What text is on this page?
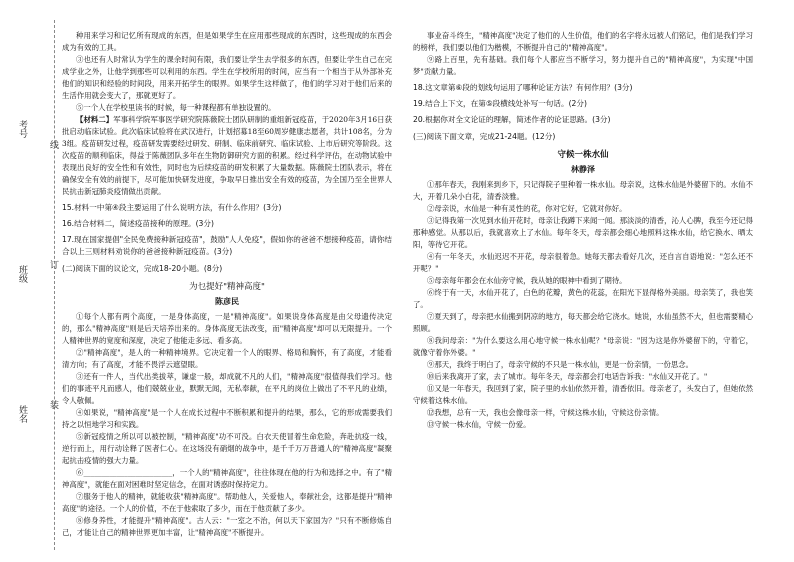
考号
班级
姓名
线
订
装

种用来学习和记忆所有现成的东西，但是如果学生在应用那些现成的东西时，这些现成的东西会成为有效的工具。

③也还有人时常认为学生的课余时间有限，我们要让学生去学很多的东西，但要让学生自己在完成学业之外，让他学到那些可以利用的东西。学生在学校所用的时间，应当有一个相当于从外部补充他们的知识和经验的时间段，用来开拓学生的眼界。如果学生这样做了，他们的学习对于他们后来的生活作用就会变大了，那就更好了。

⑤一个人在学校里读书的时候，每一种课程都有单独设置的。

【材料二】军事科学院军事医学研究院陈薇院士团队研制的重组新冠疫苗，于2020年3月16日获批启动临床试验。此次临床试验将在武汉进行，计划招募18至60周岁健康志愿者，共计108名，分为3组。疫苗研发过程，疫苗研发需要经过研发、研制、临床前研究、临床试验、上市后研究等阶段。这次疫苗的顺利临床，得益于陈薇团队多年在生物防御研究方面的积累。经过科学评估，在动物试验中表现出良好的安全性和有效性，同时也为后续疫苗的研发积累了大量数据。陈薇院士团队表示，将在确保安全有效的前提下，尽可能加快研发进度，争取早日推出安全有效的疫苗，为全国乃至全世界人民抗击新冠肺炎疫情做出贡献。

15.材料一中第④段主要运用了什么说明方法，有什么作用？(3分)

16.结合材料二，简述疫苗接种的原理。(3分)

17.现在国家提倡"全民免费接种新冠疫苗"，鼓励"人人免疫"，假如你的爸爸不想接种疫苗，请你结合以上三则材料劝说你的爸爸接种新冠疫苗。(3分)

(二)阅读下面的议论文，完成18-20小题。(8分)

为乜提好"精神高度"

陈彦民

①每个人都有两个高度，一是身体高度，一是"精神高度"。如果说身体高度是由父母遗传决定的，那么"精神高度"则是后天培养出来的。身体高度无法改变，而"精神高度"却可以无限提升。一个人精神世界的宽度和深度，决定了他能走多远、看多高。

②"精神高度"，是人的一种精神境界。它决定着一个人的眼界、格局和胸怀，有了高度，才能看清方向；有了高度，才能不畏浮云遮望眼。

③还有一件人，当代出类拔萃，谦虚一般，却成就不凡的人们，"精神高度"很值得我们学习。他们的事迹平凡而感人，他们兢兢业业，默默无闻，无私奉献，在平凡的岗位上做出了不平凡的业绩，令人敬佩。

④如果说，"精神高度"是一个人在成长过程中不断积累和提升的结果，那么，它的形成需要我们持之以恒地学习和实践。

⑤新冠疫情之所以可以被控制，"精神高度"功不可没。白衣天使冒着生命危险，奔赴抗疫一线，逆行而上，用行动诠释了医者仁心。在这场没有硝烟的战争中，是千千万万普通人的"精神高度"凝聚起抗击疫情的强大力量。

⑥________________________，一个人的"精神高度"，往往体现在他的行为和选择之中。有了"精神高度"，就能在面对困难时坚定信念，在面对诱惑时保持定力。

⑦服务于他人的精神，就能收获"精神高度"。帮助他人，关爱他人，奉献社会，这都是提升"精神高度"的途径。一个人的价值，不在于他索取了多少，而在于他贡献了多少。

⑧修身养性，才能提升"精神高度"。古人云："一室之不治，何以天下家国为？"只有不断修炼自己，才能让自己的精神世界更加丰富，让"精神高度"不断提升。

事业奋斗终生，"精神高度"决定了他们的人生价值，他们的名字将永远被人们铭记，他们是我们学习的榜样，我们要以他们为楷模，不断提升自己的"精神高度"。

⑨路上百里，先有基础。我们每个人都应当不断学习，努力提升自己的"精神高度"，为实现"中国梦"贡献力量。

18.这文章第⑥段的划线句运用了哪种论证方法？有何作用？(3分)

19.结合上下文，在第⑤段横线处补写一句话。(2分)

20.根据你对全文论证的理解，简述作者的论证思路。(3分)

(三)阅读下面文章，完成21-24题。(12分)

守候一株水仙

林静泽

①那年春天，我刚来到乡下，只记得院子里种着一株水仙。母亲说，这株水仙是外婆留下的。水仙不大，开着几朵小白花，清香淡雅。

②母亲说，水仙是一种有灵性的花，你对它好，它就对你好。

③记得我第一次见到水仙开花时，母亲让我蹲下来闻一闻。那淡淡的清香，沁人心脾，我至今还记得那种感觉。从那以后，我就喜欢上了水仙。每年冬天，母亲都会细心地照料这株水仙，给它换水、晒太阳，等待它开花。

④有一年冬天，水仙迟迟不开花，母亲很着急。她每天都去看好几次，还自言自语地说："怎么还不开呢？"

⑤母亲每年都会在水仙旁守候，我从她的眼神中看到了期待。

⑥终于有一天，水仙开花了，白色的花瓣，黄色的花蕊，在阳光下显得格外美丽。母亲笑了，我也笑了。

⑦夏天到了，母亲把水仙搬到阴凉的地方，每天都会给它浇水。她说，水仙虽然不大，但也需要精心照顾。

⑧我问母亲："为什么要这么用心地守候一株水仙呢？"母亲说："因为这是你外婆留下的，守着它，就像守着你外婆。"

⑨那天，我终于明白了，母亲守候的不只是一株水仙，更是一份亲情，一份思念。

⑩后来我离开了家，去了城市。每年冬天，母亲都会打电话告诉我："水仙又开花了。"

⑪又是一年春天，我回到了家，院子里的水仙依然开着，清香依旧。母亲老了，头发白了，但她依然守候着这株水仙。

⑫我想，总有一天，我也会像母亲一样，守候这株水仙，守候这份亲情。

⑬守候一株水仙，守候一份爱。
